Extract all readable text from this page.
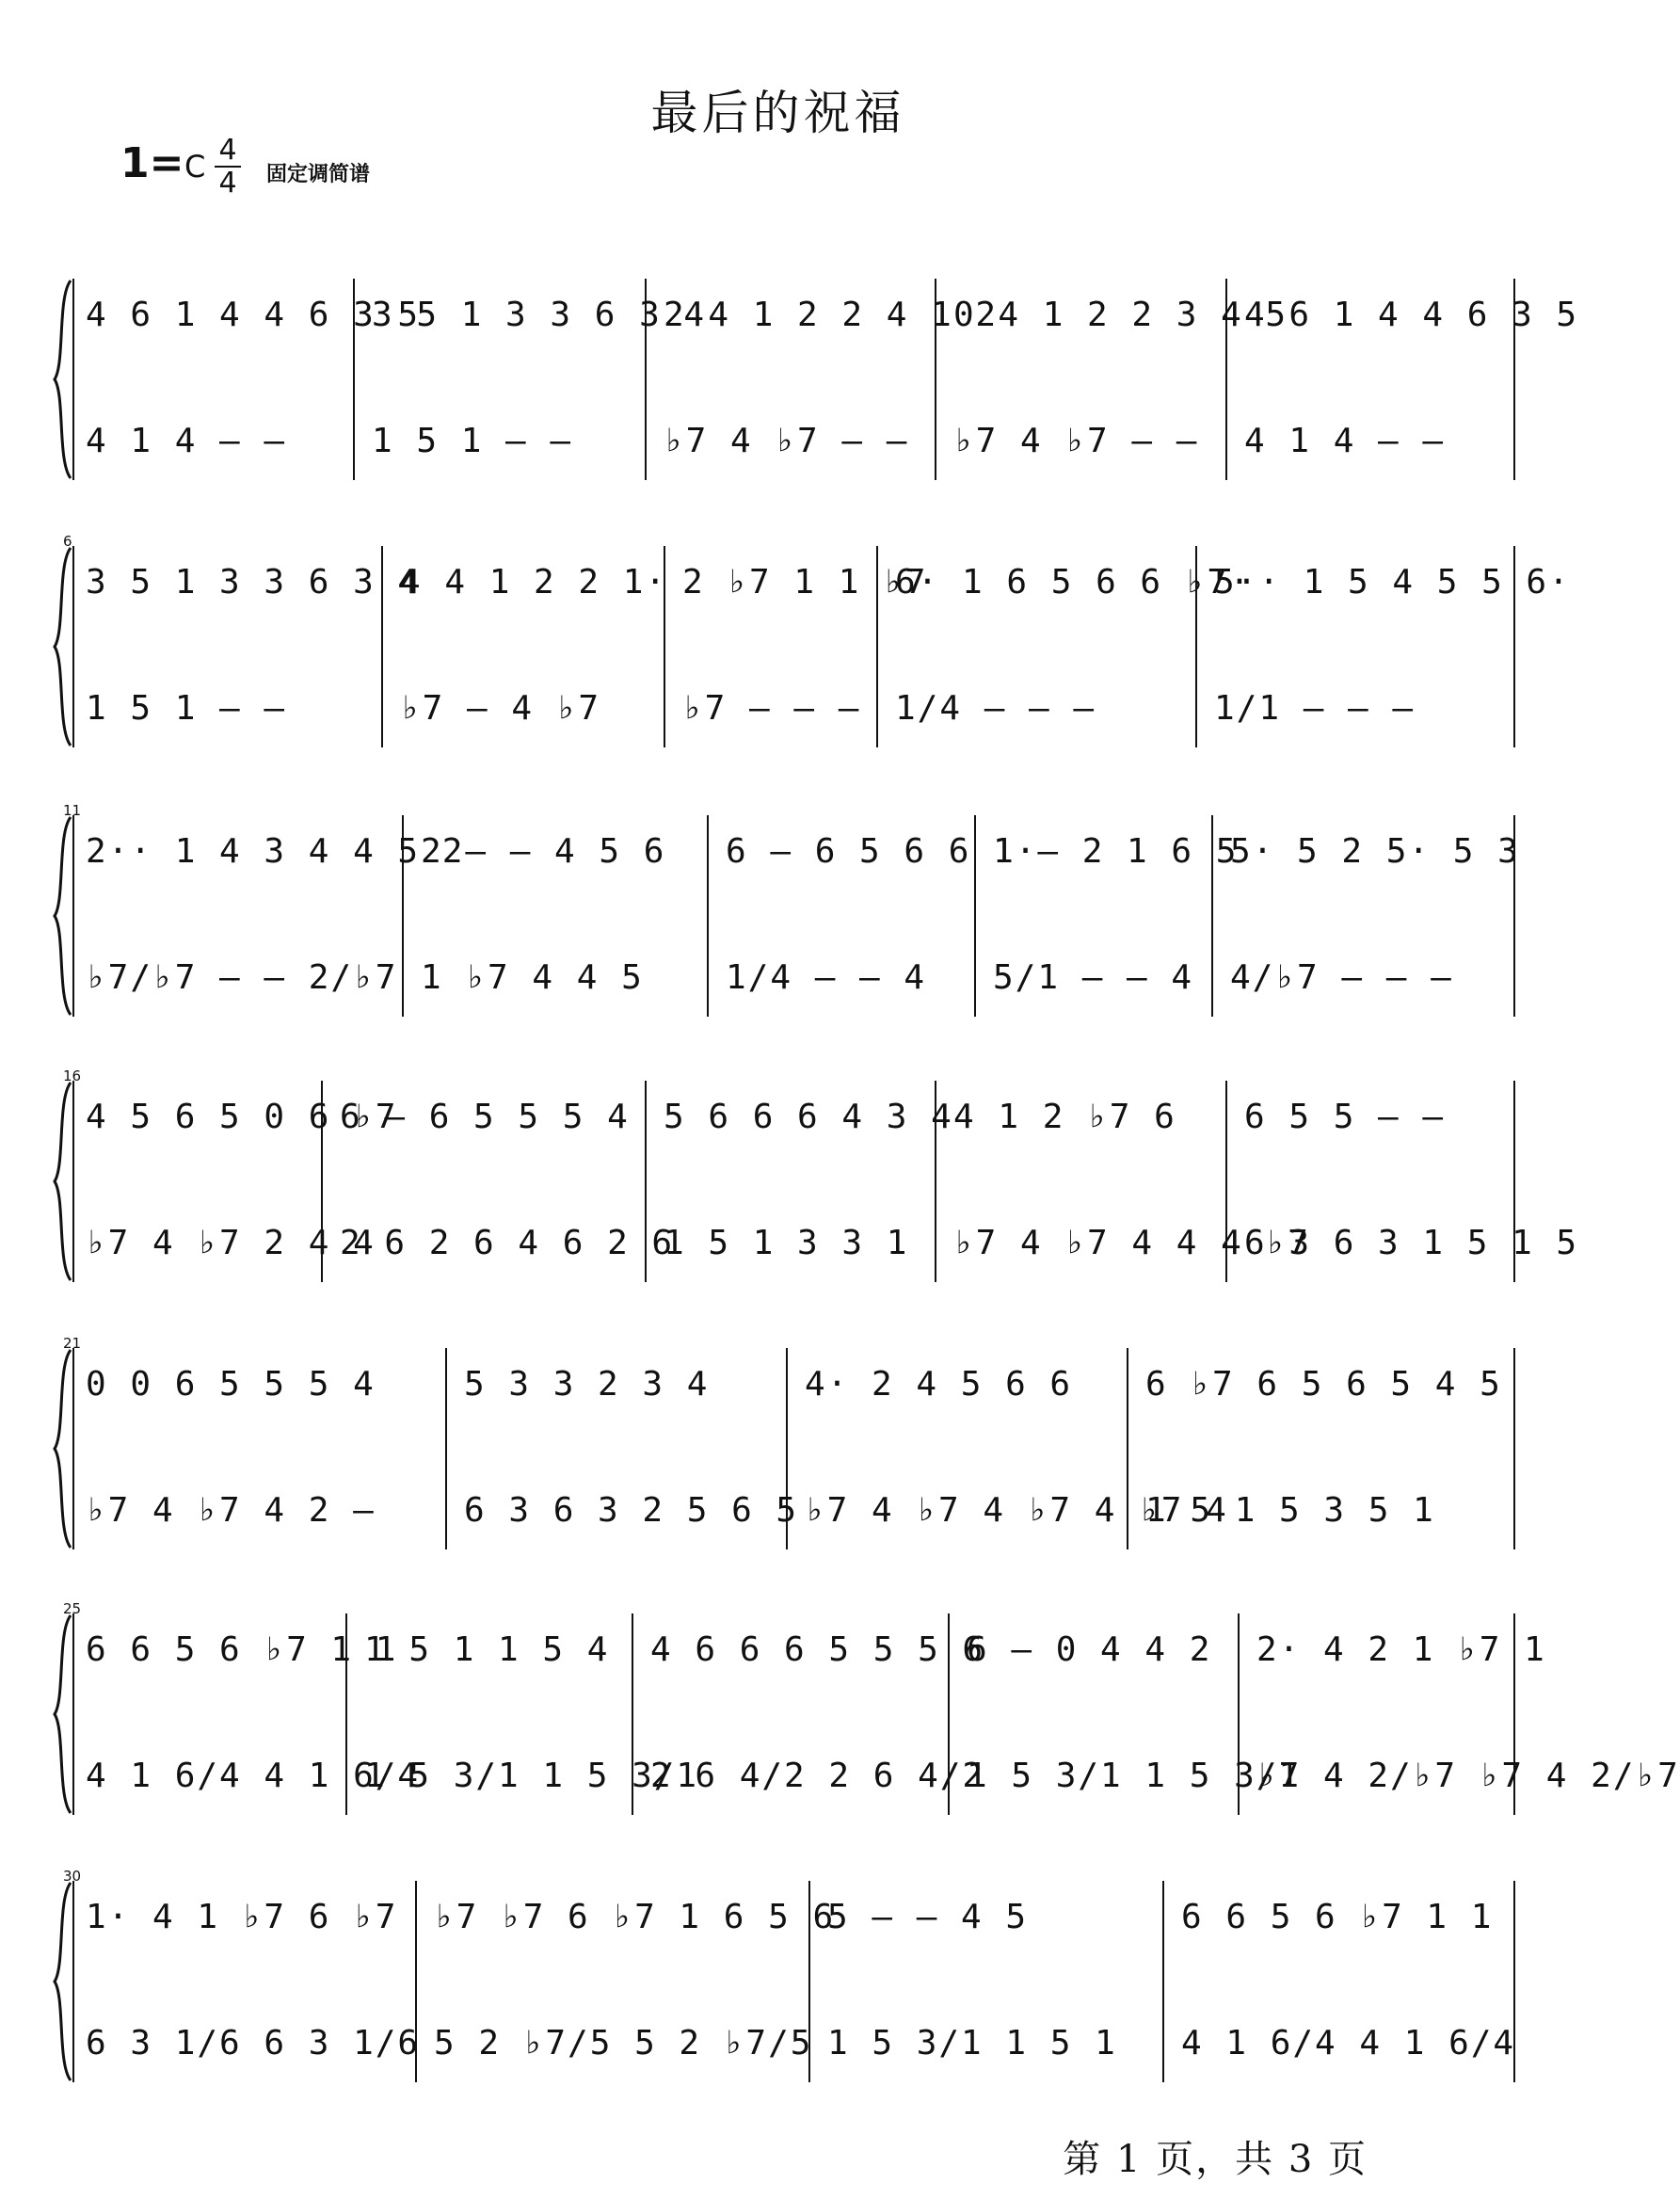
最后的祝福
1= C 4
4 固定调简谱
4 6 1 4 4 6 3 5
4 1 4 – –
3 5 1 3 3 6 3 4
1 5 1 – –
2 4 1 2 2 4 1 2
♭7 4 ♭7 – –
0 4 1 2 2 3 4 5
♭7 4 ♭7 – –
4 6 1 4 4 6 3 5
4 1 4 – –
6
3 5 1 3 3 6 3 4
1 5 1 – –
4 4 1 2 2 1·
♭7 – 4 ♭7
2 ♭7 1 1 ♭7
♭7 – – –
6· 1 6 5 6 6 ♭7·
1/4 – – –
5·· 1 5 4 5 5 6·
1/1 – – –
11
2·· 1 4 3 4 4 5 2
♭7/♭7 – – 2/♭7
2 – – 4 5 6
1 ♭7 4 4 5
6 – 6 5 6 6 1·
1/4 – – 4
1 – 2 1 6 5
5/1 – – 4
5· 5 2 5· 5 3
4/♭7 – – –
16
4 5 6 5 0 6 ♭7
♭7 4 ♭7 2 4 4
6 – 6 5 5 5 4
2 6 2 6 4 6 2 6
5 6 6 6 4 3 4
1 5 1 3 3 1
4 1 2 ♭7 6
♭7 4 ♭7 4 4 4 ♭7
6 5 5 – –
6 3 6 3 1 5 1 5
21
0 0 6 5 5 5 4
♭7 4 ♭7 4 2 –
5 3 3 2 3 4
6 3 6 3 2 5 6 5
4· 2 4 5 6 6
♭7 4 ♭7 4 ♭7 4 ♭7 4
6 ♭7 6 5 6 5 4 5
1 5 1 5 3 5 1
25
6 6 5 6 ♭7 1 1
4 1 6/4 4 1 6/4
1 5 1 1 5 4
1 5 3/1 1 5 3/1
4 6 6 6 5 5 5 6
2 6 4/2 2 6 4/2
6 – 0 4 4 2
1 5 3/1 1 5 3/1
2· 4 2 1 ♭7 1
♭7 4 2/♭7 ♭7 4 2/♭7
30
1· 4 1 ♭7 6 ♭7
6 3 1/6 6 3 1/6
♭7 ♭7 6 ♭7 1 6 5 6
5 2 ♭7/5 5 2 ♭7/5
5 – – 4 5
1 5 3/1 1 5 1
6 6 5 6 ♭7 1 1
4 1 6/4 4 1 6/4
第 1 页，共 3 页
